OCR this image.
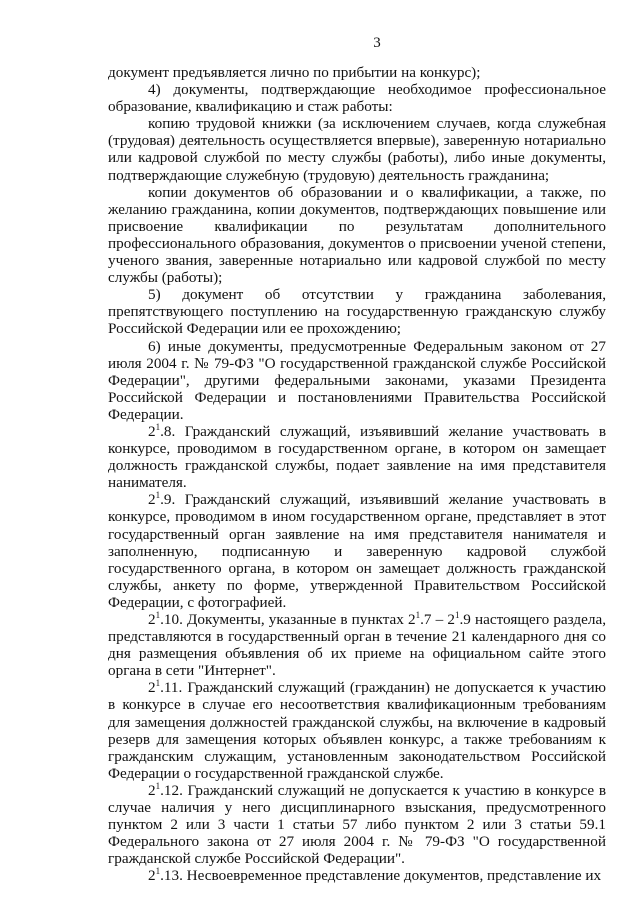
3

документ предъявляется лично по прибытии на конкурс);

4) документы, подтверждающие необходимое профессиональное образование, квалификацию и стаж работы:

копию трудовой книжки (за исключением случаев, когда служебная (трудовая) деятельность осуществляется впервые), заверенную нотариально или кадровой службой по месту службы (работы), либо иные документы, подтверждающие служебную (трудовую) деятельность гражданина;

копии документов об образовании и о квалификации, а также, по желанию гражданина, копии документов, подтверждающих повышение или присвоение квалификации по результатам дополнительного профессионального образования, документов о присвоении ученой степени, ученого звания, заверенные нотариально или кадровой службой по месту службы (работы);

5) документ об отсутствии у гражданина заболевания, препятствующего поступлению на государственную гражданскую службу Российской Федерации или ее прохождению;

6) иные документы, предусмотренные Федеральным законом от 27 июля 2004 г. № 79-ФЗ "О государственной гражданской службе Российской Федерации", другими федеральными законами, указами Президента Российской Федерации и постановлениями Правительства Российской Федерации.

$2^1.8$. Гражданский служащий, изъявивший желание участвовать в конкурсе, проводимом в государственном органе, в котором он замещает должность гражданской службы, подает заявление на имя представителя нанимателя.

$2^1.9$. Гражданский служащий, изъявивший желание участвовать в конкурсе, проводимом в ином государственном органе, представляет в этот государственный орган заявление на имя представителя нанимателя и заполненную, подписанную и заверенную кадровой службой государственного органа, в котором он замещает должность гражданской службы, анкету по форме, утвержденной Правительством Российской Федерации, с фотографией.

$2^1.10$. Документы, указанные в пунктах $2^1.7 - 2^1.9$ настоящего раздела, представляются в государственный орган в течение 21 календарного дня со дня размещения объявления об их приеме на официальном сайте этого органа в сети "Интернет".

$2^1.11$. Гражданский служащий (гражданин) не допускается к участию в конкурсе в случае его несоответствия квалификационным требованиям для замещения должностей гражданской службы, на включение в кадровый резерв для замещения которых объявлен конкурс, а также требованиям к гражданским служащим, установленным законодательством Российской Федерации о государственной гражданской службе.

$2^1.12$. Гражданский служащий не допускается к участию в конкурсе в случае наличия у него дисциплинарного взыскания, предусмотренного пунктом 2 или 3 части 1 статьи 57 либо пунктом 2 или 3 статьи 59.1 Федерального закона от 27 июля 2004 г. № 79-ФЗ "О государственной гражданской службе Российской Федерации".

$2^1.13$. Несвоевременное представление документов, представление их
